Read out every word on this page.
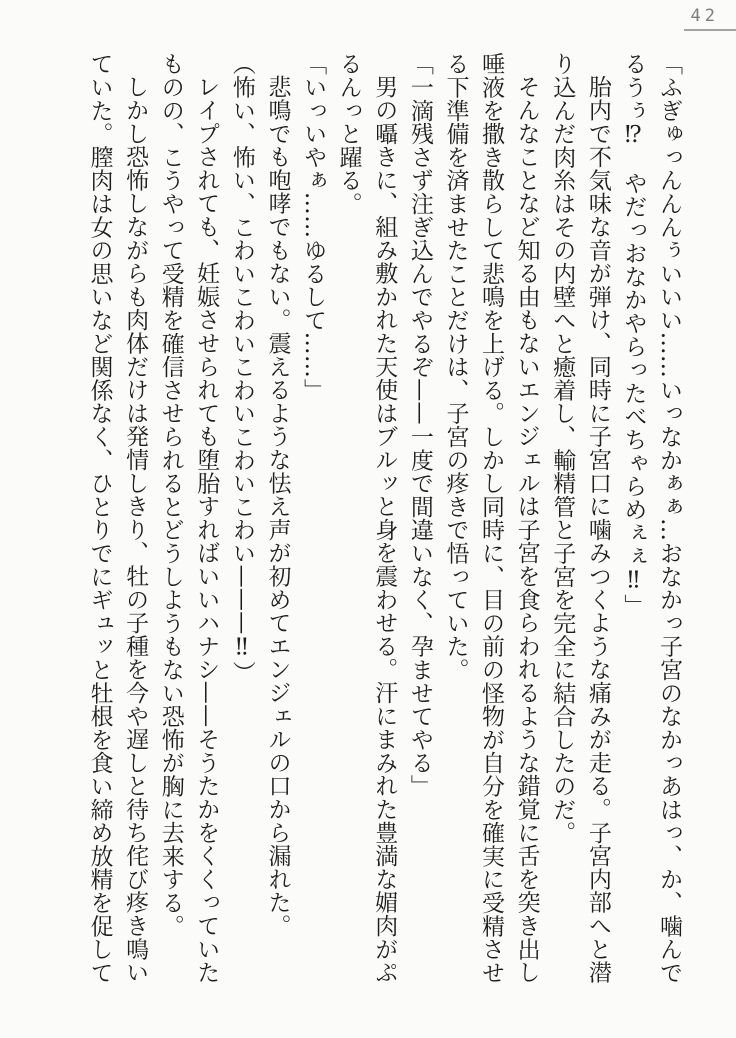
42

「ふぎゅっんんんぅいいい……いっなかぁぁ…おなかっ子宮のなかっあはっ、か、噛んでるうぅ⁉　やだっおなかやらったべちゃらめぇぇ‼」

胎内で不気味な音が弾け、同時に子宮口に噛みつくような痛みが走る。子宮内部へと潜り込んだ肉糸はその内壁へと癒着し、輸精管と子宮を完全に結合したのだ。

そんなことなど知る由もないエンジェルは子宮を食らわれるような錯覚に舌を突き出し唾液を撒き散らして悲鳴を上げる。しかし同時に、目の前の怪物が自分を確実に受精させる下準備を済ませたことだけは、子宮の疼きで悟っていた。

「一滴残さず注ぎ込んでやるぞ——一度で間違いなく、孕ませてやる」

男の囁きに、組み敷かれた天使はブルッと身を震わせる。汗にまみれた豊満な媚肉がぷるんっと躍る。

「いっいやぁ……ゆるして……」

悲鳴でも咆哮でもない。震えるような怯え声が初めてエンジェルの口から漏れた。

（怖い、怖い、こわいこわいこわいこわいこわい———‼）

レイプされても、妊娠させられても堕胎すればいいハナシ——そうたかをくくっていたものの、こうやって受精を確信させられるとどうしようもない恐怖が胸に去来する。

しかし恐怖しながらも肉体だけは発情しきり、牡の子種を今や遅しと待ち侘び疼き鳴いていた。膣肉は女の思いなど関係なく、ひとりでにギュッと牡根を食い締め放精を促して
